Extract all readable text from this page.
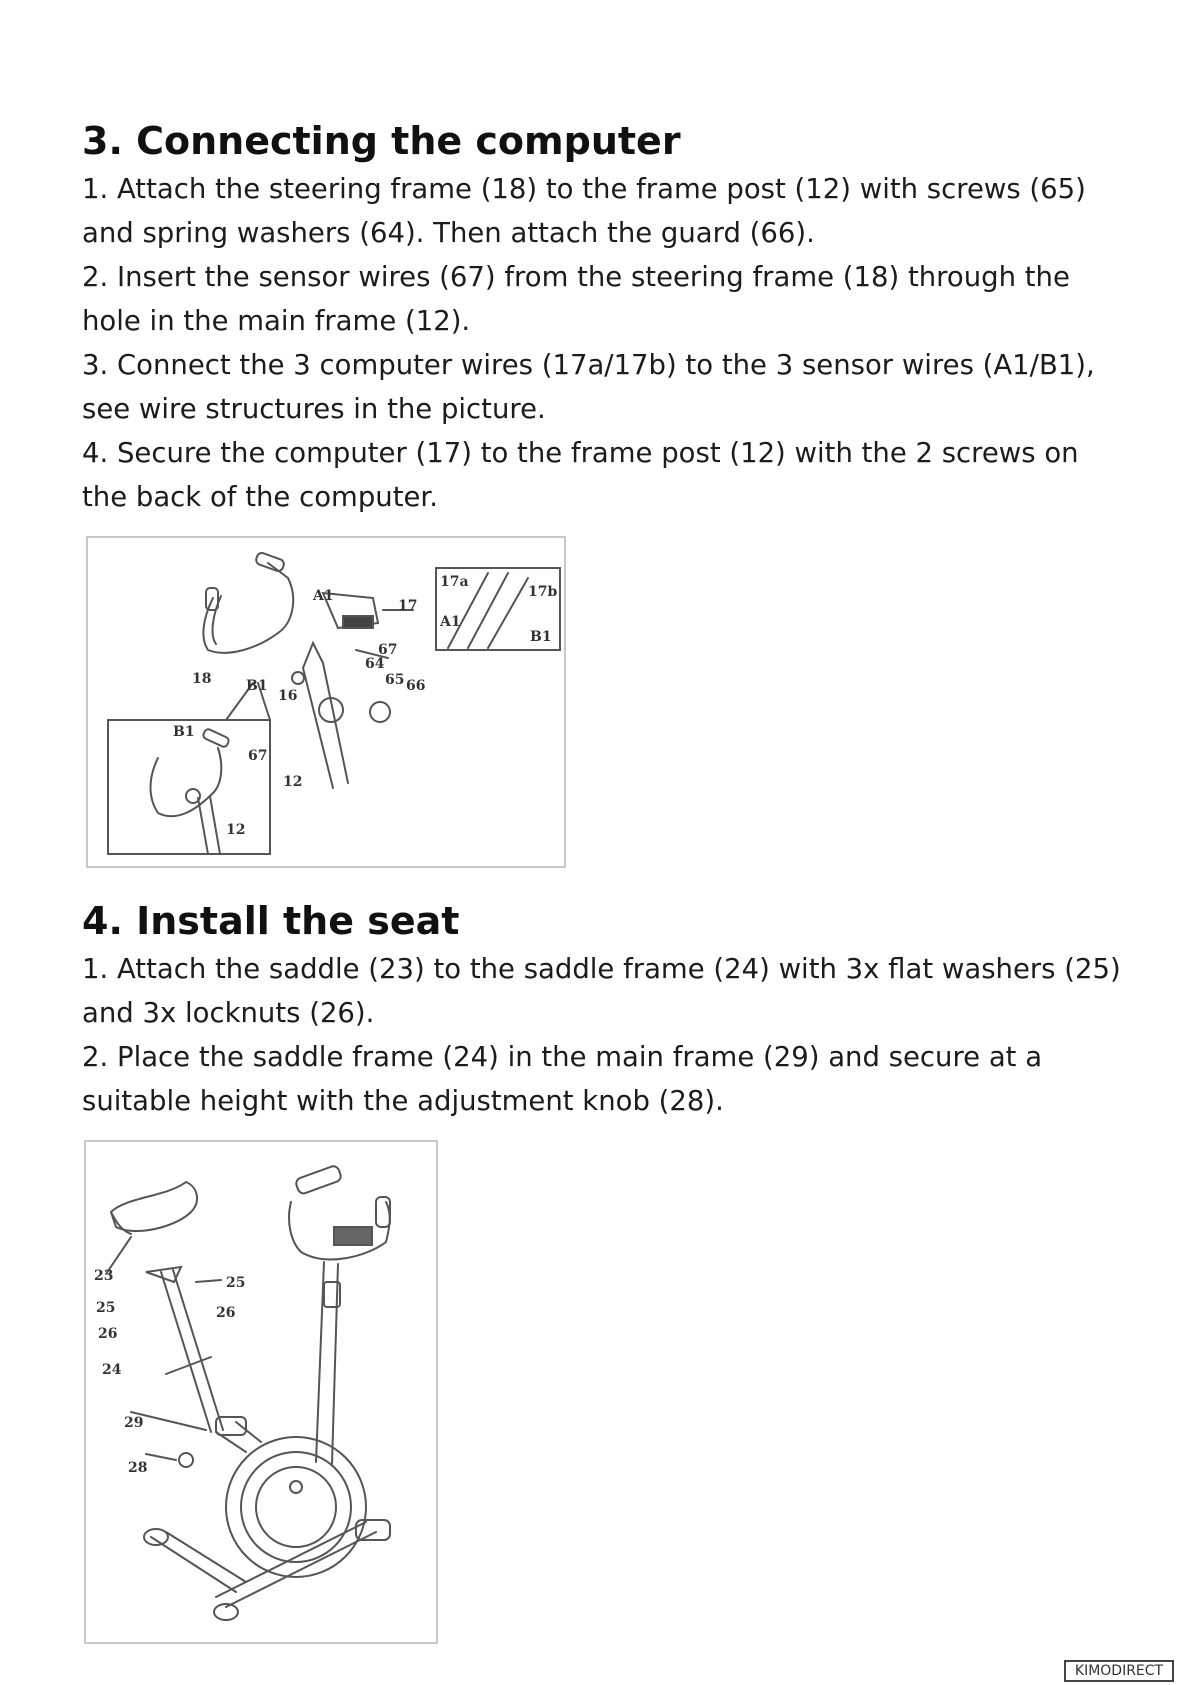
3. Connecting the computer

1. Attach the steering frame (18) to the frame post (12) with screws (65) and spring washers (64). Then attach the guard (66).

2. Insert the sensor wires (67) from the steering frame (18) through the hole in the main frame (12).

3. Connect the 3 computer wires (17a/17b) to the 3 sensor wires (A1/B1), see wire structures in the picture.

4. Secure the computer (17) to the frame post (12) with the 2 screws on the back of the computer.

17a
17b
A1
B1
A1
17
67
64
65 66
18 B1
16
B1
67
12
12
4. Install the seat

1. Attach the saddle (23) to the saddle frame (24) with 3x flat washers (25) and 3x locknuts (26).

2. Place the saddle frame (24) in the main frame (29) and secure at a suitable height with the adjustment knob (28).

23
25
26
25
26
24
29
28
KIMODIRECT
